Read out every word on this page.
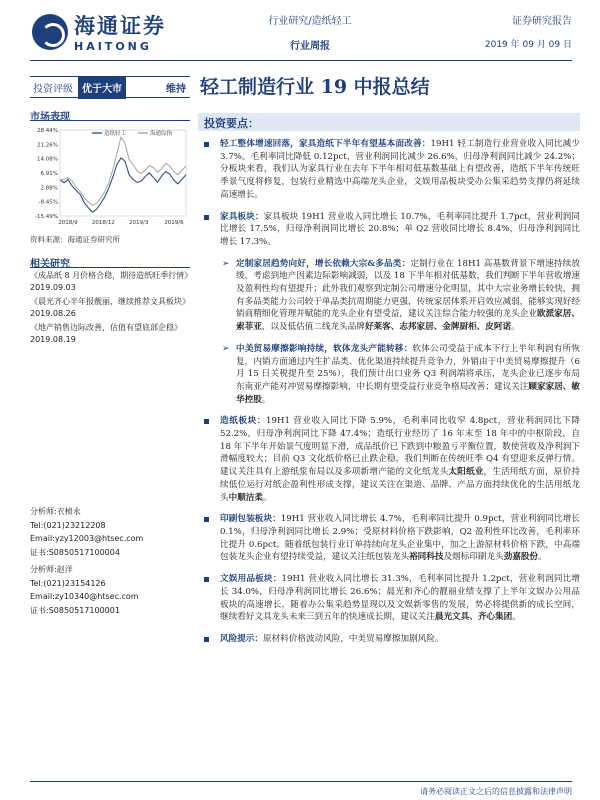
海通证券
HAITONG
行业研究/造纸轻工
行业周报
证券研究报告
2019 年 09 月 09 日
投资评级 优于大市	维持 轻工制造行业 19 中报总结
市场表现
28.44%
21.26%
14.08%
6.91%
2.88%
-8.45%
-15.49%
2018/9	2018/12	2019/3	2019/6
造纸轻工	海通综指
资料来源：海通证券研究所
相关研究
《成品纸 8 月价格合稳，期待造纸旺季行情》2019.09.03
《晨光齐心半年报靓丽，继续推荐文具板块》2019.08.26
《地产销售边际改善，估值有望底部企稳》2019.08.19
分析师:衣桢永
Tel:(021)23212208
Email:yzy12003@htsec.com
证书:S0850517100004
分析师:赵洋
Tel:(021)23154126
Email:zy10340@htsec.com
证书:S0850517100001
投资要点：
轻工整体增速回落，家具造纸下半年有望基本面改善：19H1 轻工制造行业营业收入同比减少 3.7%。毛利率同比降低 0.12pct，营业利润同比减少 26.6%，归母净利润同比减少 24.2%；分板块来看，我们认为家具行业在去年下半年相对低基数基础上有望改善，造纸下半年传统旺季景气度将修复，包装行业精选中高端龙头企业，文娱用品板块受办公集采趋势支撑仍将延续高速增长。
家具板块：家具板块 19H1 营业收入同比增长 10.7%，毛利率同比提升 1.7pct，营业利润同比增长 17.5%，归母净利润同比增长 20.8%；单 Q2 营收同比增长 8.4%，归母净利润同比增长 17.3%。
➢ 定制家居趋势向好，增长依赖大宗&多品类：定制行业在 18H1 高基数背景下增速持续放缓，考虑到地产因素边际影响减弱，以及 18 下半年相对低基数，我们判断下半年营收增速及盈利性均有望提升；此外我们观察到定制公司增速分化明显，其中大宗业务增长较快，拥有多品类能力公司较于单品类抗周期能力更强，传统家居体系开启效应减弱，能够实现好经销商精细化管理并赋能的龙头企业有望受益，建议关注综合能力较强的龙头企业欧派家居、索菲亚，以及低估值二线龙头品牌好莱客、志邦家居、金牌厨柜、皮阿诺。
➢ 中美贸易摩擦影响持续，软体龙头产能转移：软体公司受益于成本下行上半年利润有所恢复，内销方面通过内生扩品类、优化渠道持续提升竞争力，外销由于中美贸易摩擦提升（6 月 15 日关税提升至 25%），我们预计出口业务 Q3 利润端将承压，龙头企业已逐步布局东南亚产能对冲贸易摩擦影响，中长期有望受益行业竞争格局改善；建议关注顾家家居、敏华控股。
造纸板块：19H1 营业收入同比下降 5.9%，毛利率同比收窄 4.8pct，营业利润同比下降 52.2%，归母净利润同比下降 47.4%；造纸行业经历了 16 年末至 18 年中的中枢阶段，自 18 年下半年开始景气度明显下滑，成品纸价已下跌到中粮盈亏平衡位置，数使营收及净利润下滑幅度较大；目前 Q3 文化纸价格已止跌企稳，我们判断在传统旺季 Q4 有望迎来反弹行情。建议关注具有上游纸浆布局以及多项新增产能的文化纸龙头太阳纸业，生活用纸方面，原价持续低位运行对纸企盈利性形成支撑，建议关注在渠道、品牌、产品方面持续优化的生活用纸龙头中顺洁柔。
印刷包装板块：19H1 营业收入同比增长 4.7%，毛利率同比提升 0.9pct，营业利润同比增长 0.1%，归母净利润同比增长 2.9%；受原材料价格下跌影响，Q2 盈利性环比改善，毛利率环比提升 0.6pct。随着纸包装行业订单持续向龙头企业集中，加之上游原材料价格下跌，中高端包装龙头企业有望持续受益，建议关注纸包装龙头裕同科技及烟标印刷龙头劲嘉股份。
文娱用品板块：19H1 营业收入同比增长 31.3%，毛利率同比提升 1.2pct，营业利润同比增长 34.0%，归母净利润同比增长 26.6%；晨光和齐心的靓丽业绩支撑了上半年文娱办公用品板块的高速增长，随着办公集采趋势显现以及文娱新零售的发展，势必将提供新的成长空间，继续看好文具龙头未来三到五年的快速成长期，建议关注晨光文具、齐心集团。
风险提示：原材料价格波动风险，中美贸易摩擦加剧风险。
请务必阅读正文之后的信息披露和法律声明
